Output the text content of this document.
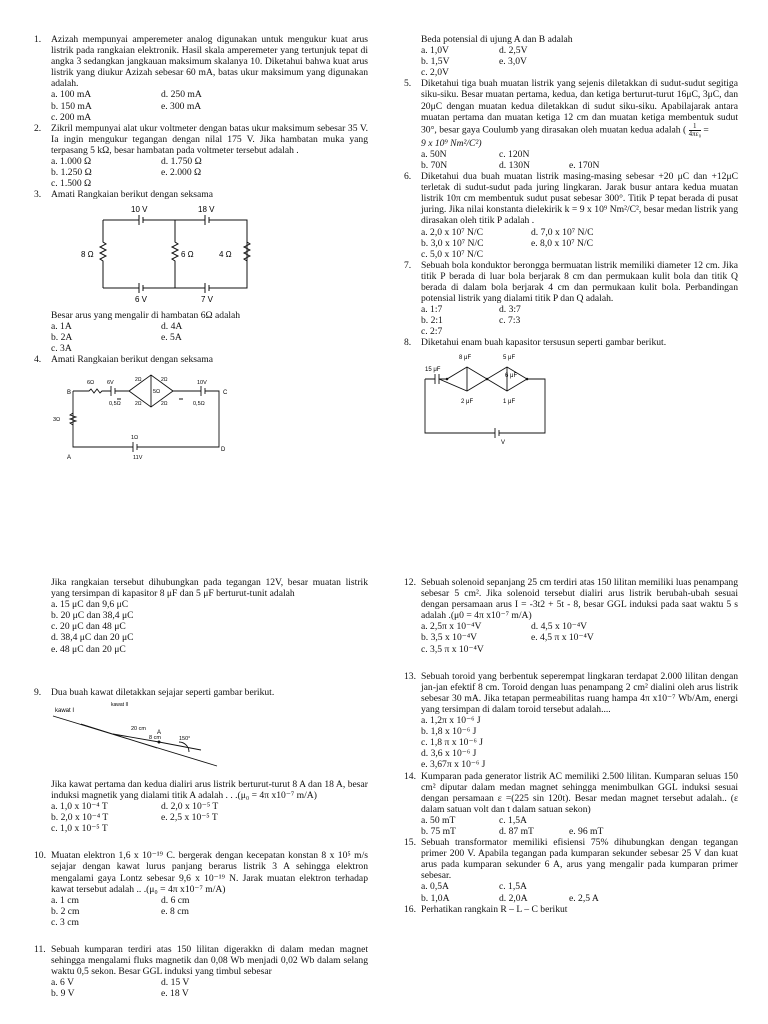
1. Azizah mempunyai amperemeter analog digunakan untuk mengukur kuat arus listrik pada rangkaian elektronik. Hasil skala amperemeter yang tertunjuk tepat di angka 3 sedangkan jangkauan maksimum skalanya 10. Diketahui bahwa kuat arus listrik yang diukur Azizah sebesar 60 mA, batas ukur maksimum yang digunakan adalah.
a. 100 mA	d. 250 mA
b. 150 mA	e. 300 mA
c. 200 mA
2. Zikril mempunyai alat ukur voltmeter dengan batas ukur maksimum sebesar 35 V. Ia ingin mengukur tegangan dengan nilal 175 V. Jika hambatan muka yang terpasang 5 kΩ, besar hambatan pada voltmeter tersebut adalah .
a. 1.000 Ω	d. 1.750 Ω
b. 1.250 Ω	e. 2.000 Ω
c. 1.500 Ω
3. Amati Rangkaian berikut dengan seksama
10 V	18 V
6 V	7 V
8 Ω	6 Ω	4 Ω
Besar arus yang mengalir di hambatan 6Ω adalah
a. 1A	d. 4A
b. 2A	e. 5A
c. 3A
4. Amati Rangkaian berikut dengan seksama
B	C
A
D
6Ω 6V
0,5Ω
3Ω
10V
0,5Ω
1Ω
11V
5Ω
2Ω	2Ω
2Ω	2Ω
Beda potensial di ujung A dan B adalah
a. 1,0V	d. 2,5V
b. 1,5V	e. 3,0V
c. 2,0V
5. Diketahui tiga buah muatan listrik yang sejenis diletakkan di sudut-sudut segitiga siku-siku. Besar muatan pertama, kedua, dan ketiga berturut-turut 16μC, 3μC, dan 20μC dengan muatan kedua diletakkan di sudut siku-siku. Apabilajarak antara muatan pertama dan muatan ketiga 12 cm dan muatan ketiga membentuk sudut 30°, besar gaya Coulumb yang dirasakan oleh muatan kedua adalah ( $\frac{1}{\text{4πε₀}}$ =
9 x 10⁹ Nm²/C²)
a. 50N	c. 120N
b. 70N	d. 130N	e. 170N
6. Diketahui dua buah muatan listrik masing-masing sebesar +20 μC dan +12μC terletak di sudut-sudut pada juring lingkaran. Jarak busur antara kedua muatan listrik 10π cm membentuk sudut pusat sebesar 300°. Titik P tepat berada di pusat juring. Jika nilai konstanta dielekirik k = 9 x 10⁹ Nm²/C², besar medan listrik yang dirasakan oleh titik P adalah .
a. 2,0 x 10⁷ N/C	d. 7,0 x 10⁷ N/C
b. 3,0 x 10⁷ N/C	e. 8,0 x 10⁷ N/C
c. 5,0 x 10⁷ N/C
7. Sebuah bola konduktor berongga bermuatan listrik memiliki diameter 12 cm. Jika titik P berada di luar bola berjarak 8 cm dan permukaan kulit bola dan titik Q berada di dalam bola berjarak 4 cm dan permukaan kulit bola. Perbandingan potensial listrik yang dialami titik P dan Q adalah.
a. 1:7	d. 3:7
b. 2:1	c. 7:3
c. 2:7
8. Diketahui enam buah kapasitor tersusun seperti gambar berikut.
8 μF	5 μF
15 μF
6 μF
2 μF	1 μF
V
Jika rangkaian tersebut dihubungkan pada tegangan 12V, besar muatan listrik yang tersimpan di kapasitor 8 μF dan 5 μF berturut-tunit adalah
a. 15 μC dan 9,6 μC
b. 20 μC dan 38,4 μC
c. 20 μC dan 48 μC
d. 38,4 μC dan 20 μC
e. 48 μC dan 20 μC
9. Dua buah kawat diletakkan sejajar seperti gambar berikut.
kawat I
kawat II
20 cm
8 cm
A
150°
Jika kawat pertama dan kedua dialiri arus listrik berturut-turut 8 A dan 18 A, besar induksi magnetik yang dialami titik A adalah . . .(μ₀ = 4π x10⁻⁷ m/A)
a. 1,0 x 10⁻⁴ T	d. 2,0 x 10⁻⁵ T
b. 2,0 x 10⁻⁴ T	e. 2,5 x 10⁻⁵ T
c. 1,0 x 10⁻⁵ T
10. Muatan elektron 1,6 x 10⁻¹⁹ C. bergerak dengan kecepatan konstan 8 x 10⁵ m/s sejajar dengan kawat lurus panjang berarus listrik 3 A sehingga elektron mengalami gaya Lontz sebesar 9,6 x 10⁻¹⁹ N. Jarak muatan elektron terhadap kawat tersebut adalah .. .(μ₀ = 4π x10⁻⁷ m/A)
a. 1 cm	d. 6 cm
b. 2 cm	e. 8 cm
c. 3 cm
11. Sebuah kumparan terdiri atas 150 lilitan digerakkn di dalam medan magnet sehingga mengalami fluks magnetik dan 0,08 Wb menjadi 0,02 Wb dalam selang waktu 0,5 sekon. Besar GGL induksi yang timbul sebesar
a. 6 V	d. 15 V
b. 9 V	e. 18 V
12. Sebuah solenoid sepanjang 25 cm terdiri atas 150 lilitan memiliki luas penampang sebesar 5 cm². Jika solenoid tersebut dialiri arus listrik berubah-ubah sesuai dengan persamaan arus I = -3t2 + 5t - 8, besar GGL induksi pada saat waktu 5 s adalah .(μ0 = 4π x10⁻⁷ m/A)
a. 2,5π x 10⁻⁴V	d. 4,5 x 10⁻⁴V
b. 3,5 x 10⁻⁴V	e. 4,5 π x 10⁻⁴V
c. 3,5 π x 10⁻⁴V
13. Sebuah toroid yang berbentuk seperempat lingkaran terdapat 2.000 lilitan dengan jan-jan efektif 8 cm. Toroid dengan luas penampang 2 cm² dialini oleh arus listrik sebesar 30 mA. Jika tetapan permeabilitas ruang hampa 4π x10⁻⁷ Wb/Am, energi yang tersimpan di dalam toroid tersebut adalah....
a. 1,2π x 10⁻⁶ J
b. 1,8 x 10⁻⁶ J
c. 1,8 π x 10⁻⁶ J
d. 3,6 x 10⁻⁶ J
e. 3,67π x 10⁻⁶ J
14. Kumparan pada generator listrik AC memiliki 2.500 lilitan. Kumparan seluas 150 cm² diputar dalam medan magnet sehingga menimbulkan GGL induksi sesuai dengan persamaan ε =(225 sin 120t). Besar medan magnet tersebut adalah.. (ε dalam satuan volt dan t dalam satuan sekon)
a. 50 mT	c. 1,5A
b. 75 mT	d. 87 mT	e. 96 mT
15. Sebuah transformator memiliki efisiensi 75% dihubungkan dengan tegangan primer 200 V. Apabila tegangan pada kumparan sekunder sebesar 25 V dan kuat arus pada kumparan sekunder 6 A, arus yang mengalir pada kumparan primer sebesar.
a. 0,5A	c. 1,5A
b. 1,0A	d. 2,0A	e. 2,5 A
16. Perhatikan rangkain R – L – C berikut
